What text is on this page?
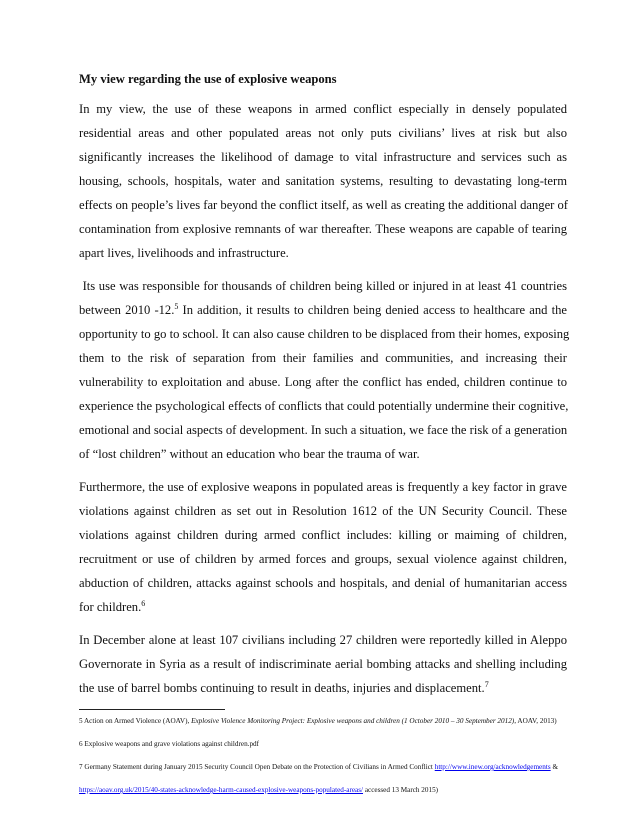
My view regarding the use of explosive weapons
In my view, the use of these weapons in armed conflict especially in densely populated
residential areas and other populated areas not only puts civilians’ lives at risk but also
significantly increases the likelihood of damage to vital infrastructure and services such as
housing, schools, hospitals, water and sanitation systems, resulting to devastating long-term
effects on people’s lives far beyond the conflict itself, as well as creating the additional danger of
contamination from explosive remnants of war thereafter. These weapons are capable of tearing
apart lives, livelihoods and infrastructure.
Its use was responsible for thousands of children being killed or injured in at least 41 countries
between 2010 -12.$^5$ In addition, it results to children being denied access to healthcare and the
opportunity to go to school. It can also cause children to be displaced from their homes, exposing
them to the risk of separation from their families and communities, and increasing their
vulnerability to exploitation and abuse. Long after the conflict has ended, children continue to
experience the psychological effects of conflicts that could potentially undermine their cognitive,
emotional and social aspects of development. In such a situation, we face the risk of a generation
of “lost children” without an education who bear the trauma of war.
Furthermore, the use of explosive weapons in populated areas is frequently a key factor in grave
violations against children as set out in Resolution 1612 of the UN Security Council. These
violations against children during armed conflict includes: killing or maiming of children,
recruitment or use of children by armed forces and groups, sexual violence against children,
abduction of children, attacks against schools and hospitals, and denial of humanitarian access
for children.$^6$
In December alone at least 107 civilians including 27 children were reportedly killed in Aleppo
Governorate in Syria as a result of indiscriminate aerial bombing attacks and shelling including
the use of barrel bombs continuing to result in deaths, injuries and displacement.$^7$
5 Action on Armed Violence (AOAV), Explosive Violence Monitoring Project: Explosive weapons and children (1 October 2010 – 30 September 2012), AOAV, 2013)
6 Explosive weapons and grave violations against children.pdf
7 Germany Statement during January 2015 Security Council Open Debate on the Protection of Civilians in Armed Conflict http://www.inew.org/acknowledgements &
https://aoav.org.uk/2015/40-states-acknowledge-harm-caused-explosive-weapons-populated-areas/ accessed 13 March 2015)
